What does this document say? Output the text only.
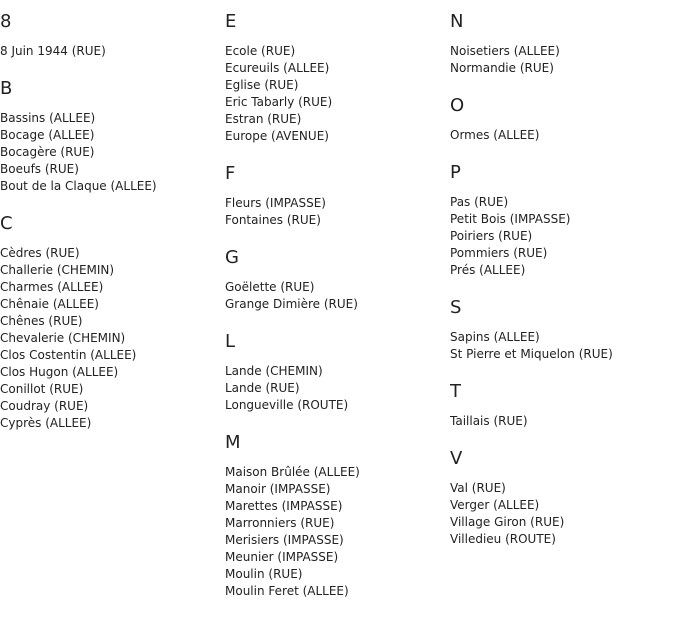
8
8 Juin 1944 (RUE)
B
Bassins (ALLEE)
Bocage (ALLEE)
Bocagère (RUE)
Boeufs (RUE)
Bout de la Claque (ALLEE)
C
Cèdres (RUE)
Challerie (CHEMIN)
Charmes (ALLEE)
Chênaie (ALLEE)
Chênes (RUE)
Chevalerie (CHEMIN)
Clos Costentin (ALLEE)
Clos Hugon (ALLEE)
Conillot (RUE)
Coudray (RUE)
Cyprès (ALLEE)
E
Ecole (RUE)
Ecureuils (ALLEE)
Eglise (RUE)
Eric Tabarly (RUE)
Estran (RUE)
Europe (AVENUE)
F
Fleurs (IMPASSE)
Fontaines (RUE)
G
Goëlette (RUE)
Grange Dimière (RUE)
L
Lande (CHEMIN)
Lande (RUE)
Longueville (ROUTE)
M
Maison Brûlée (ALLEE)
Manoir (IMPASSE)
Marettes (IMPASSE)
Marronniers (RUE)
Merisiers (IMPASSE)
Meunier (IMPASSE)
Moulin (RUE)
Moulin Feret (ALLEE)
N
Noisetiers (ALLEE)
Normandie (RUE)
O
Ormes (ALLEE)
P
Pas (RUE)
Petit Bois (IMPASSE)
Poiriers (RUE)
Pommiers (RUE)
Prés (ALLEE)
S
Sapins (ALLEE)
St Pierre et Miquelon (RUE)
T
Taillais (RUE)
V
Val (RUE)
Verger (ALLEE)
Village Giron (RUE)
Villedieu (ROUTE)
